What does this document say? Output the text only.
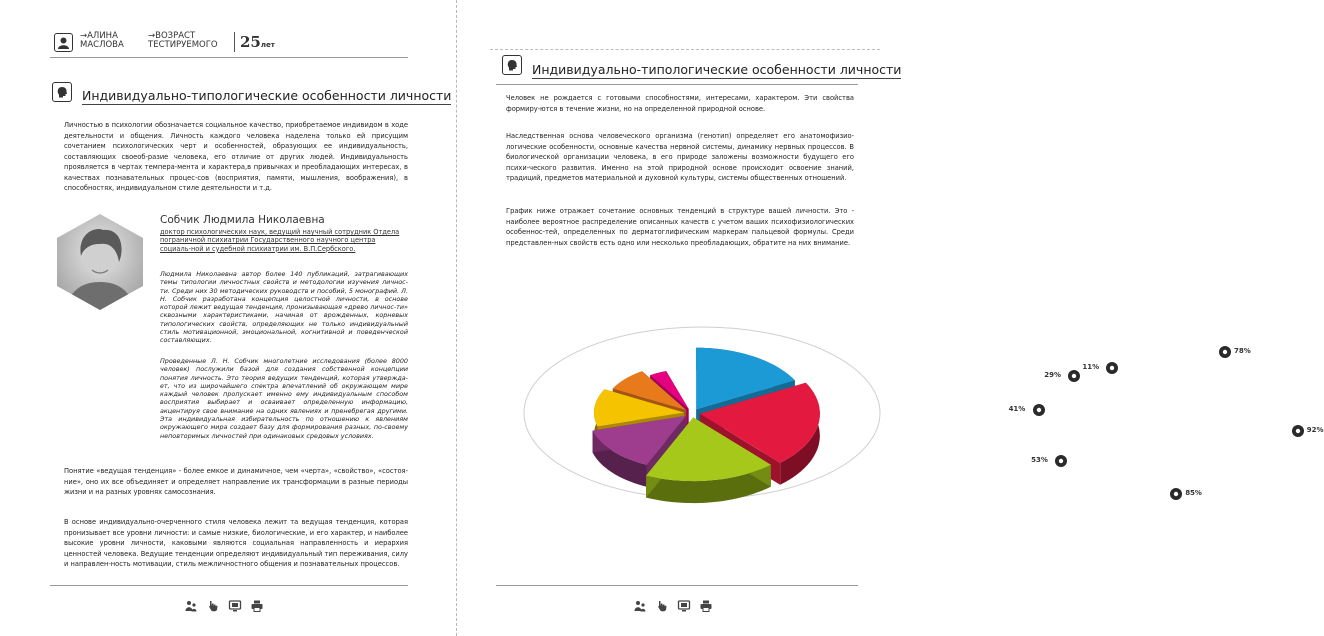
→АЛИНА
МАСЛОВА
→ВОЗРАСТ
ТЕСТИРУЕМОГО 25лет
Индивидуально-типологические особенности личности
Личностью в психологии обозначается социальное качество, приобретаемое индивидом в ходе деятельности и общения. Личность каждого человека наделена только ей присущим сочетанием психологических черт и особенностей, образующих ее индивидуальность, составляющих своеоб-разие человека, его отличие от других людей. Индивидуальность проявляется в чертах темпера-мента и характера,в привычках и преобладающих интересах, в качествах познавательных процес-сов (восприятия, памяти, мышления, воображения), в способностях, индивидуальном стиле деятельности и т.д.
Собчик Людмила Николаевна
доктор психологических наук, ведущий научный сотрудник Отдела пограничной психиатрии Государственного научного центра социаль-ной и судебной психиатрии им. В.П.Сербского.
Людмила Николаевна автор более 140 публикаций, затрагивающих темы типологии личностных свойств и методологии изучения личнос-ти. Среди них 30 методических руководств и пособий, 5 монографий. Л. Н. Собчик разработана концепция целостной личности, в основе которой лежит ведущая тенденция, пронизывающая «древо личнос-ти» сквозными характеристиками, начиная от врожденных, корневых типологических свойств, определяющих не только индивидуальный стиль мотивационной, эмоциональной, когнитивной и поведенческой составляющих.
Проведенные Л. Н. Собчик многолетние исследования (более 8000 человек) послужили базой для создания собственной концепции понятия личность. Это теория ведущих тенденций, которая утверждa-ет, что из широчайшего спектра впечатлений об окружающем мире каждый человек пропускает именно ему индивидуальным способом восприятия выбирает и осваивает определенную информацию, акцентируя свое внимание на одних явлениях и пренебрегая другими. Эта индивидуальная избирательность по отношению к явлениям окружающего мира создает базу для формирования разных, по-своему неповторимых личностей при одинаковых средовых условиях.
Понятие «ведущая тенденция» - более емкое и динамичное, чем «черта», «свойство», «состоя-ние», оно их все объединяет и определяет направление их трансформации в разные периоды жизни и на разных уровнях самосознания.
В основе индивидуально-очерченного стиля человека лежит та ведущая тенденция, которая пронизывает все уровни личности: и самые низкие, биологические, и его характер, и наиболее высокие уровни личности, каковыми являются социальная направленность и иерархия ценностей человека. Ведущие тенденции определяют индивидуальный тип переживания, силу и направлен-ность мотивации, стиль межличностного общения и познавательных процессов.
Индивидуально-типологические особенности личности
Человек не рождается с готовыми способностями, интересами, характером. Эти свойства формиру-ются в течение жизни, но на определенной природной основе.
Наследственная основа человеческого организма (генотип) определяет его анатомофизио-логические особенности, основные качества нервной системы, динамику нервных процессов. В биологической организации человека, в его природе заложены возможности будущего его психи-ческого развития. Именно на этой природной основе происходит освоение знаний, традиций, предметов материальной и духовной культуры, системы общественных отношений.
График ниже отражает сочетание основных тенденций в структуре вашей личности. Это - наиболее вероятное распределение описанных качеств с учетом ваших психофизиологических особеннос-тей, определенных по дерматоглифическим маркерам пальцевой формулы. Среди представлен-ных свойств есть одно или несколько преобладающих, обратите на них внимание.
78%
92%
85%
53%
41%
29%
11%
